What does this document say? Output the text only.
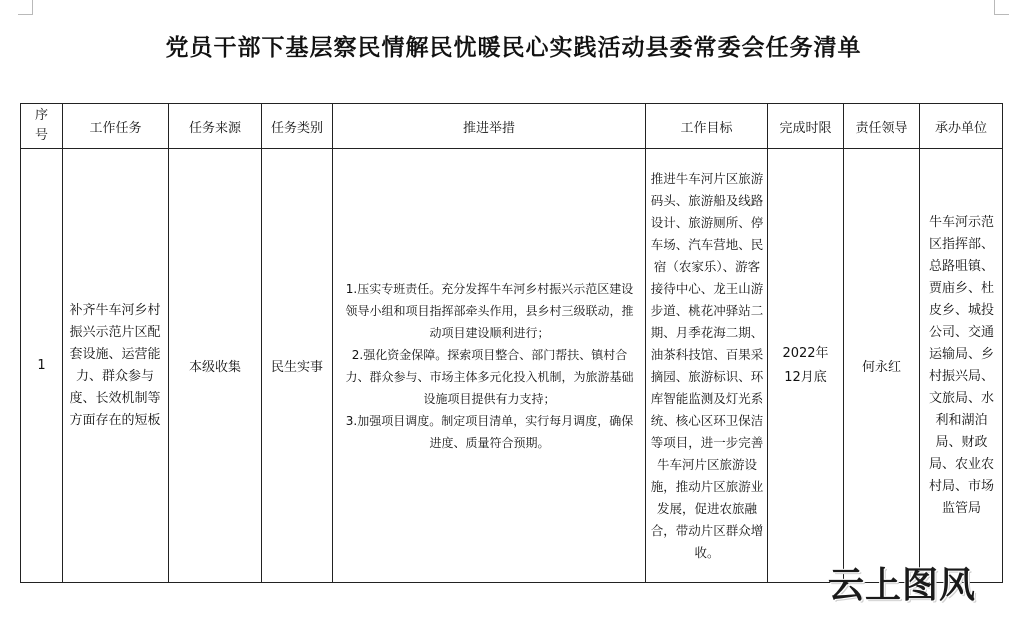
党员干部下基层察民情解民忧暖民心实践活动县委常委会任务清单
序号	工作任务	任务来源	任务类别	推进举措	工作目标	完成时限	责任领导	承办单位
1	补齐牛车河乡村振兴示范片区配套设施、运营能力、群众参与度、长效机制等方面存在的短板	本级收集	民生实事	1.压实专班责任。充分发挥牛车河乡村振兴示范区建设领导小组和项目指挥部牵头作用，县乡村三级联动，推动项目建设顺利进行；
2.强化资金保障。探索项目整合、部门帮扶、镇村合力、群众参与、市场主体多元化投入机制，为旅游基础设施项目提供有力支持；
3.加强项目调度。制定项目清单，实行每月调度，确保进度、质量符合预期。	推进牛车河片区旅游码头、旅游船及线路设计、旅游厕所、停车场、汽车营地、民宿（农家乐）、游客接待中心、龙王山游步道、桃花冲驿站二期、月季花海二期、油茶科技馆、百果采摘园、旅游标识、环库智能监测及灯光系统、核心区环卫保洁等项目，进一步完善牛车河片区旅游设施，推动片区旅游业发展，促进农旅融合，带动片区群众增收。	2022年12月底	何永红	牛车河示范区指挥部、总路咀镇、贾庙乡、杜皮乡、城投公司、交通运输局、乡村振兴局、文旅局、水利和湖泊局、财政局、农业农村局、市场监管局
云上图风
